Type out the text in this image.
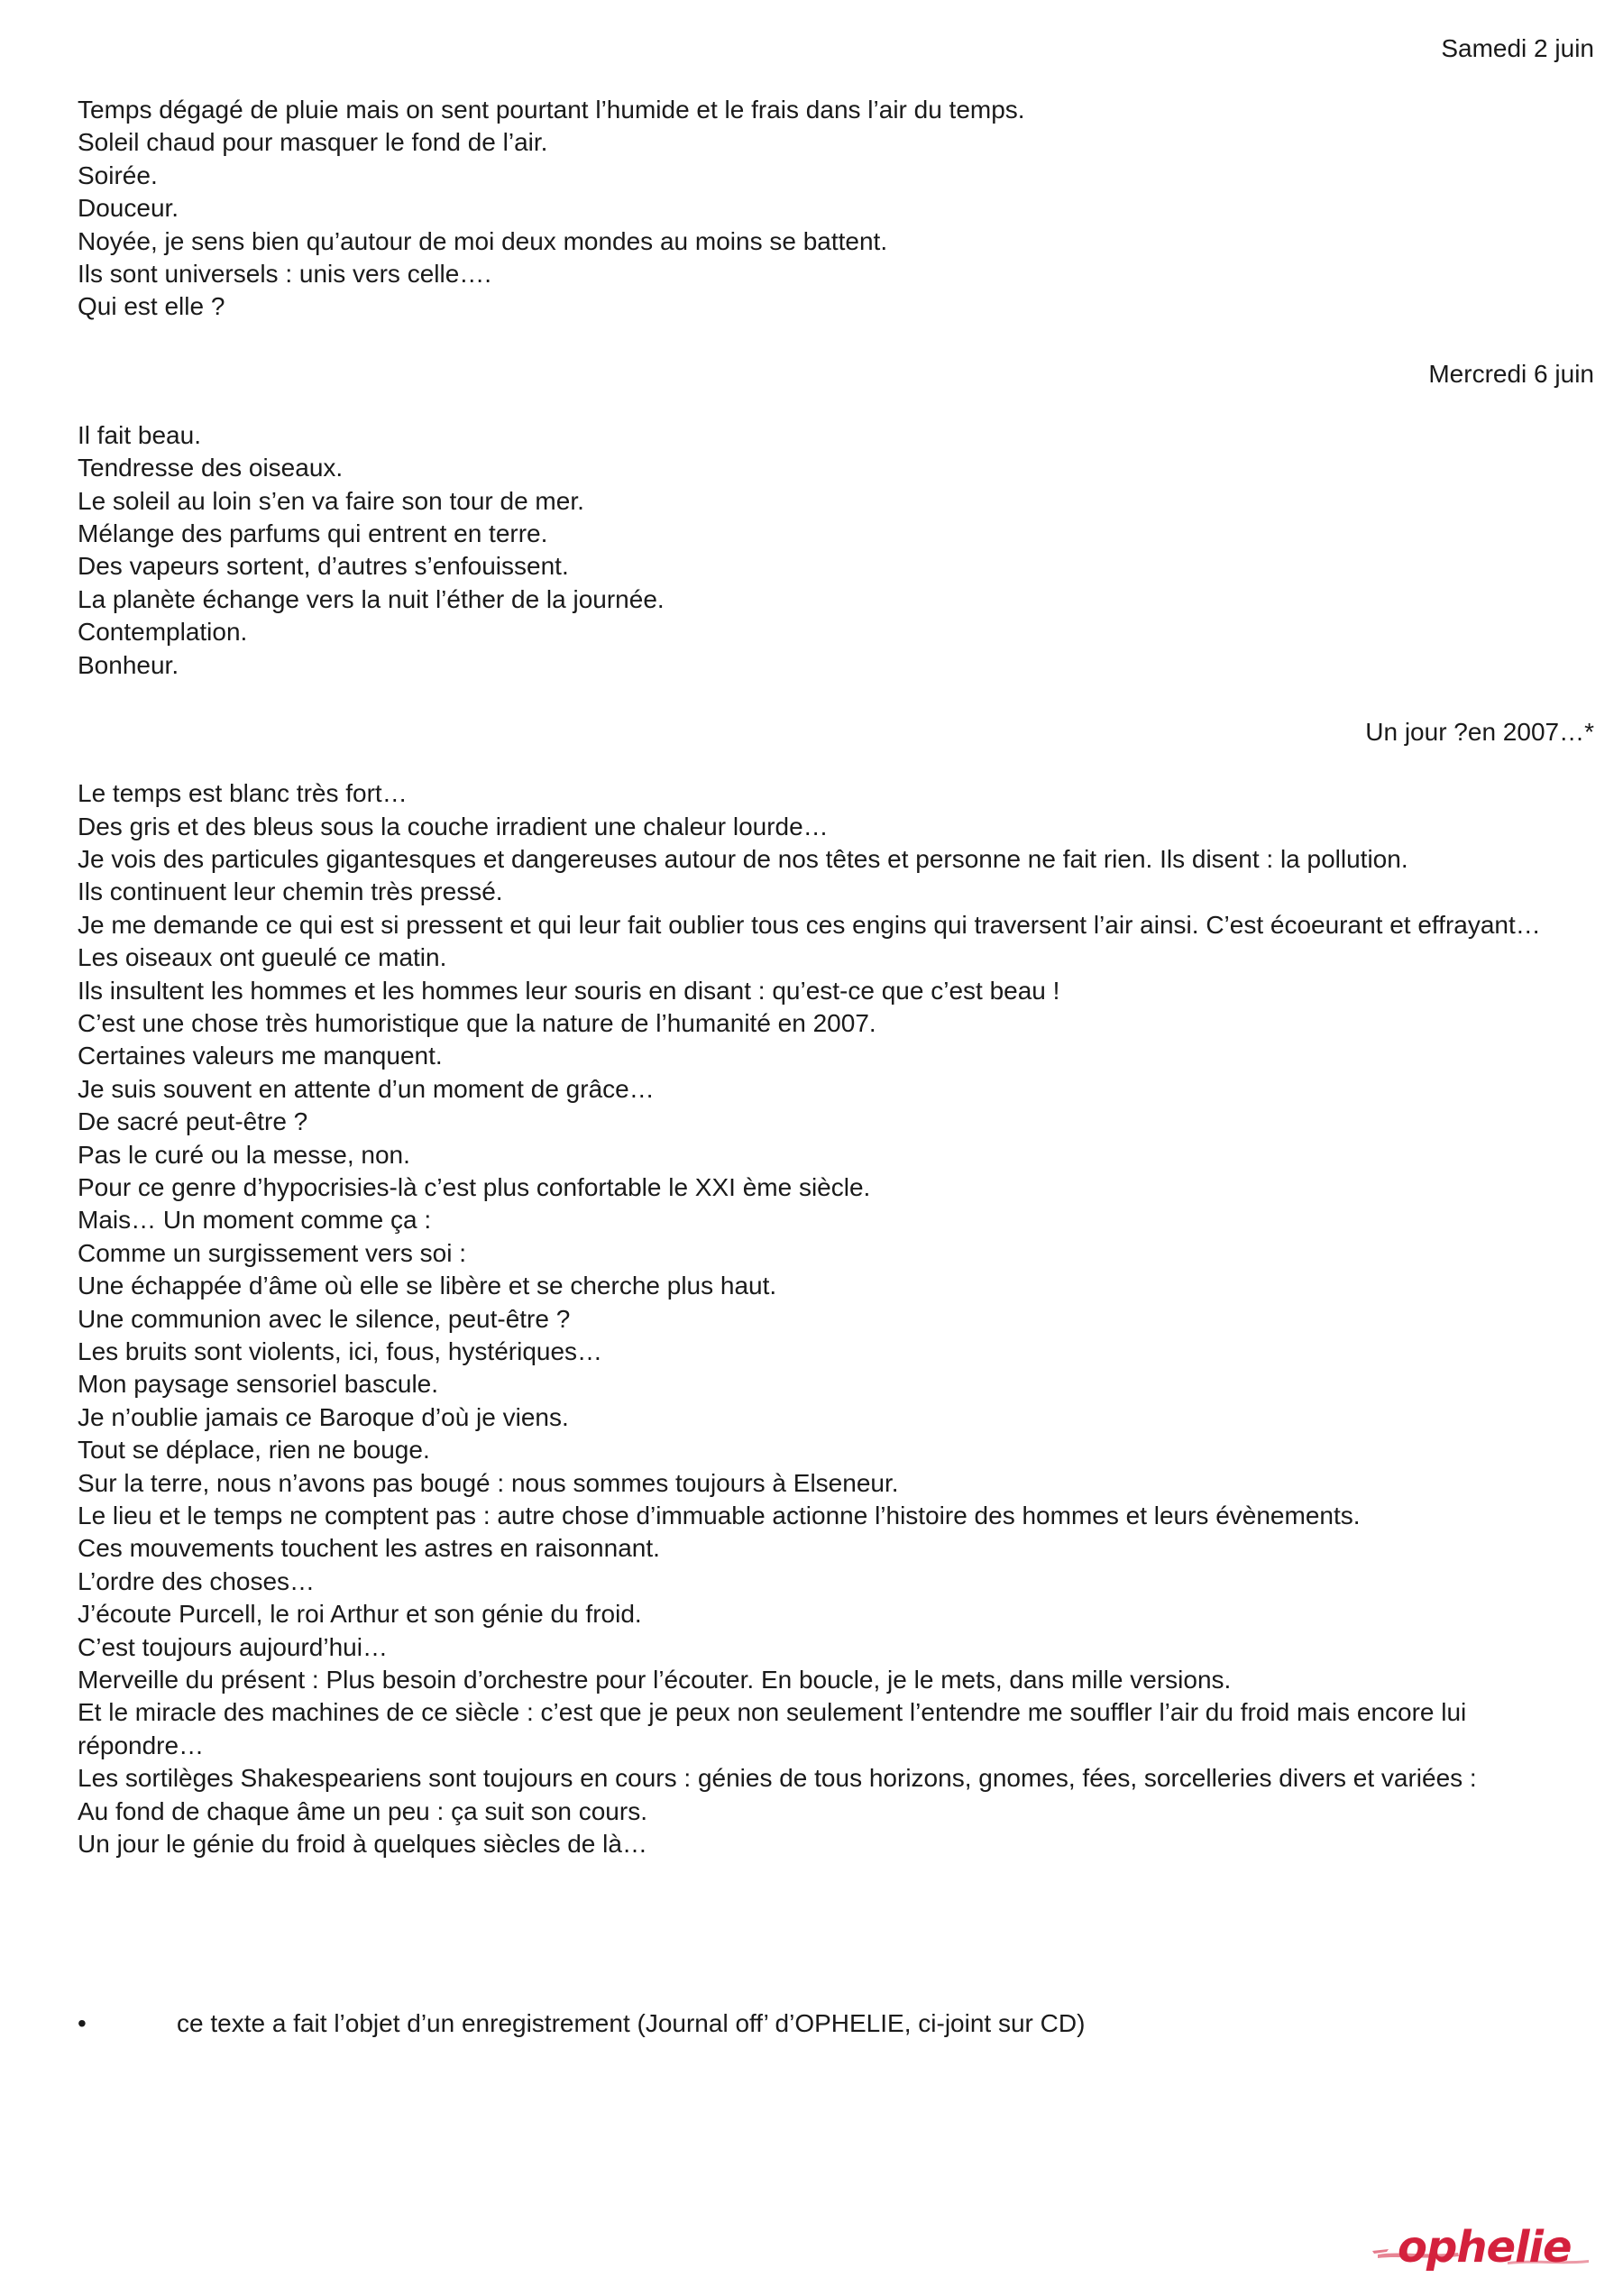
Samedi 2 juin

Temps dégagé de pluie mais on sent pourtant l’humide et le frais dans l’air du temps.
Soleil chaud pour masquer le fond de l’air.
Soirée.
Douceur.
Noyée, je sens bien qu’autour de moi deux mondes au moins se battent.
Ils sont universels : unis vers celle….
Qui est elle ?

Mercredi 6 juin

Il fait beau.
Tendresse des oiseaux.
Le soleil au loin s’en va faire son tour de mer.
Mélange des parfums qui entrent en terre.
Des vapeurs sortent, d’autres s’enfouissent.
La planète échange vers la nuit l’éther de la journée.
Contemplation.
Bonheur.

Un jour ?en 2007…*

Le temps est blanc très fort…
Des gris et des bleus sous la couche irradient une chaleur lourde…
Je vois des particules gigantesques et dangereuses autour de nos têtes et personne ne fait rien. Ils disent : la pollution.
Ils continuent leur chemin très pressé.
Je me demande ce qui est si pressent et qui leur fait oublier tous ces engins qui traversent l’air ainsi. C’est écoeurant et effrayant…
Les oiseaux ont gueulé ce matin.
Ils insultent les hommes et les hommes leur souris en disant : qu’est-ce que c’est beau !
C’est une chose très humoristique que la nature de l’humanité en 2007.
Certaines valeurs me manquent.
Je suis souvent en attente d’un moment de grâce…
De sacré peut-être ?
Pas le curé ou la messe, non.
Pour ce genre d’hypocrisies-là c’est plus confortable le XXI ème siècle.
Mais… Un moment comme ça :
Comme un surgissement vers soi :
Une échappée d’âme où elle se libère et se cherche plus haut.
Une communion avec le silence, peut-être ?
Les bruits sont violents, ici, fous, hystériques…
Mon paysage sensoriel bascule.
Je n’oublie jamais ce Baroque d’où je viens.
Tout se déplace, rien ne bouge.
Sur la terre, nous n’avons pas bougé : nous sommes toujours à Elseneur.
Le lieu et le temps ne comptent pas : autre chose d’immuable actionne l’histoire des hommes et leurs évènements.
Ces mouvements touchent les astres en raisonnant.
L’ordre des choses…
J’écoute Purcell, le roi Arthur et son génie du froid.
C’est toujours aujourd’hui…
Merveille du présent : Plus besoin d’orchestre pour l’écouter. En boucle, je le mets, dans mille versions.
Et le miracle des machines de ce siècle : c’est que je peux non seulement l’entendre me souffler l’air du froid mais encore lui répondre…
Les sortilèges Shakespeariens sont toujours en cours : génies de tous horizons, gnomes, fées, sorcelleries divers et variées :
Au fond de chaque âme un peu : ça suit son cours.
Un jour le génie du froid à quelques siècles de là…
•	ce texte a fait l’objet d’un enregistrement (Journal off’ d’OPHELIE, ci-joint sur CD)
ophelie
